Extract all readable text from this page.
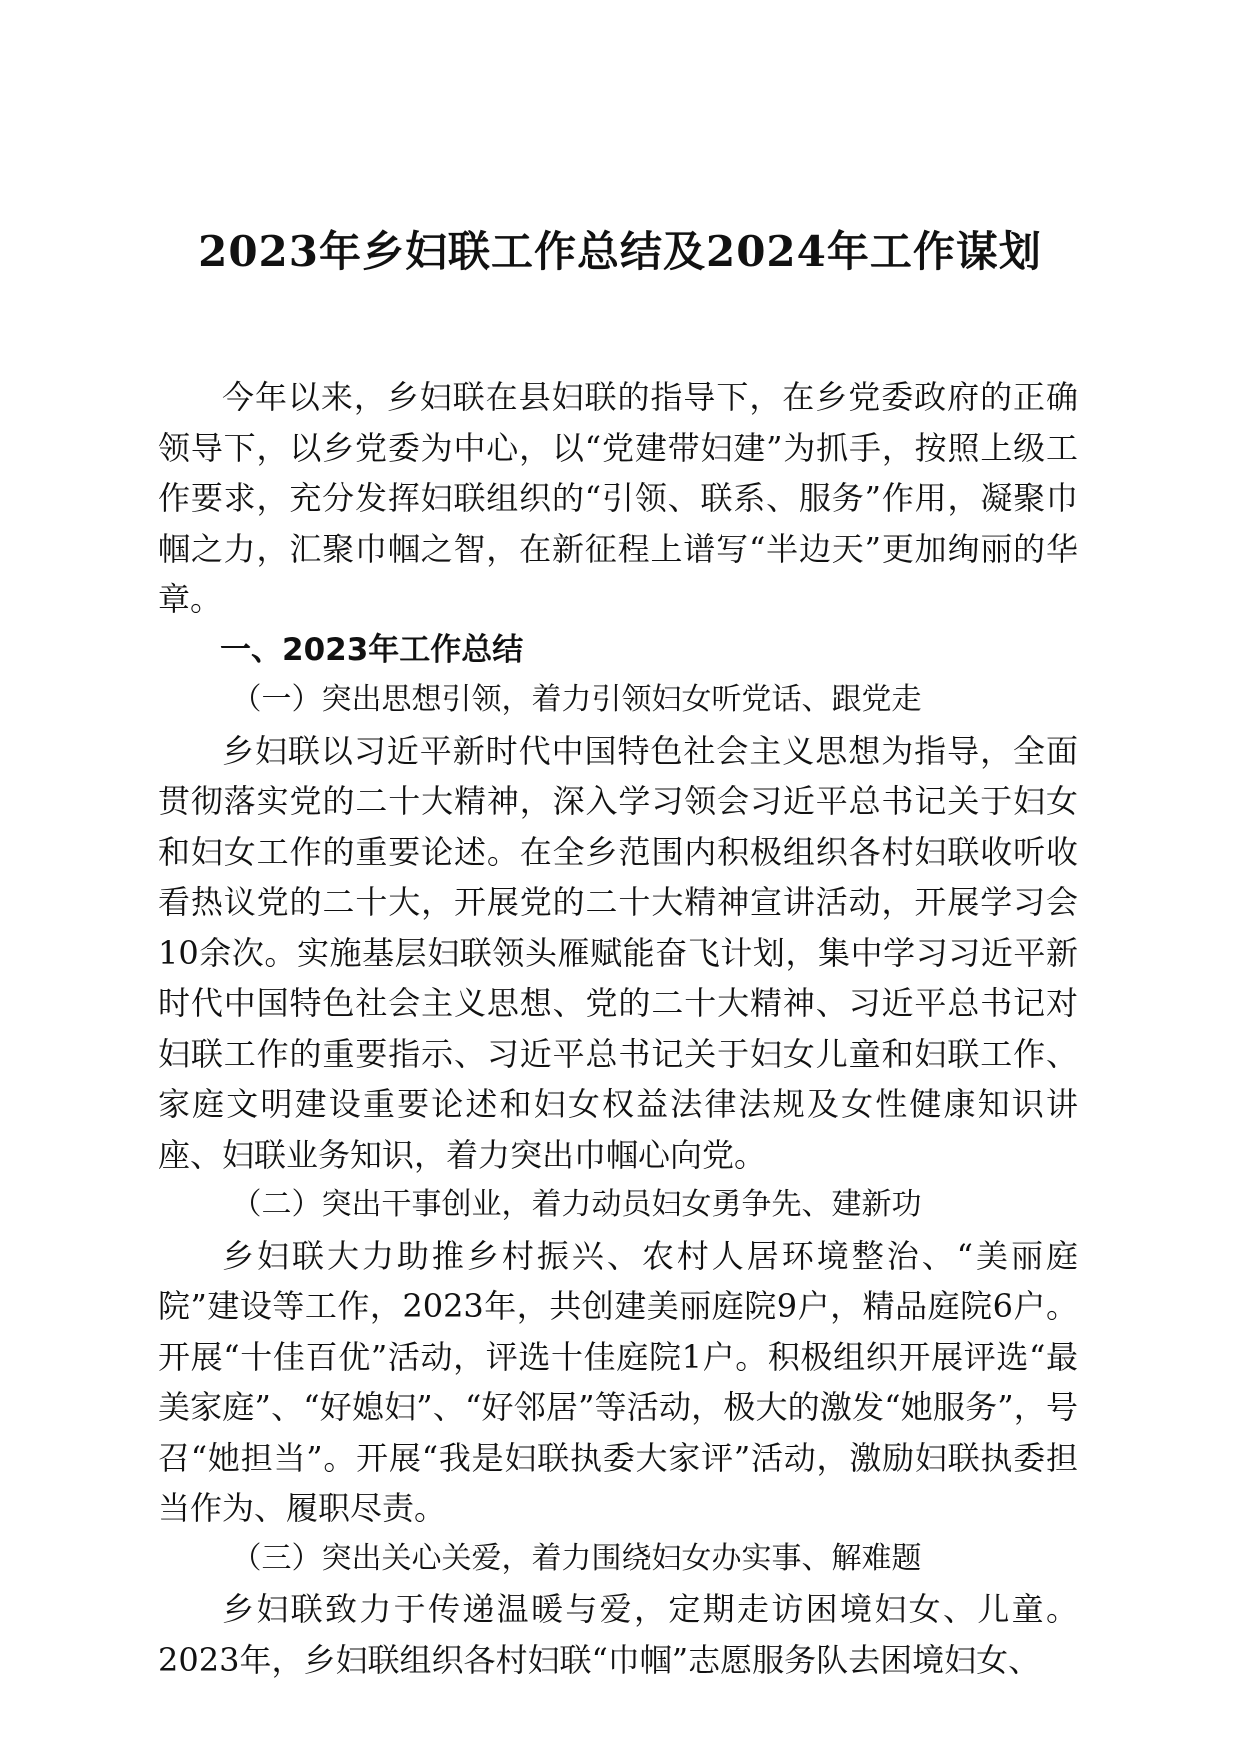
2023年乡妇联工作总结及2024年工作谋划

今年以来，乡妇联在县妇联的指导下，在乡党委政府的正确领导下，以乡党委为中心，以“党建带妇建”为抓手，按照上级工作要求，充分发挥妇联组织的“引领、联系、服务”作用，凝聚巾帼之力，汇聚巾帼之智，在新征程上谱写“半边天”更加绚丽的华章。

一、2023年工作总结

（一）突出思想引领，着力引领妇女听党话、跟党走

乡妇联以习近平新时代中国特色社会主义思想为指导，全面贯彻落实党的二十大精神，深入学习领会习近平总书记关于妇女和妇女工作的重要论述。在全乡范围内积极组织各村妇联收听收看热议党的二十大，开展党的二十大精神宣讲活动，开展学习会10余次。实施基层妇联领头雁赋能奋飞计划，集中学习习近平新时代中国特色社会主义思想、党的二十大精神、习近平总书记对妇联工作的重要指示、习近平总书记关于妇女儿童和妇联工作、家庭文明建设重要论述和妇女权益法律法规及女性健康知识讲座、妇联业务知识，着力突出巾帼心向党。

（二）突出干事创业，着力动员妇女勇争先、建新功

乡妇联大力助推乡村振兴、农村人居环境整治、“美丽庭院”建设等工作，2023年，共创建美丽庭院9户，精品庭院6户。开展“十佳百优”活动，评选十佳庭院1户。积极组织开展评选“最美家庭”、“好媳妇”、“好邻居”等活动，极大的激发“她服务”，号召“她担当”。开展“我是妇联执委大家评”活动，激励妇联执委担当作为、履职尽责。

（三）突出关心关爱，着力围绕妇女办实事、解难题

乡妇联致力于传递温暖与爱，定期走访困境妇女、儿童。2023年，乡妇联组织各村妇联“巾帼”志愿服务队去困境妇女、
